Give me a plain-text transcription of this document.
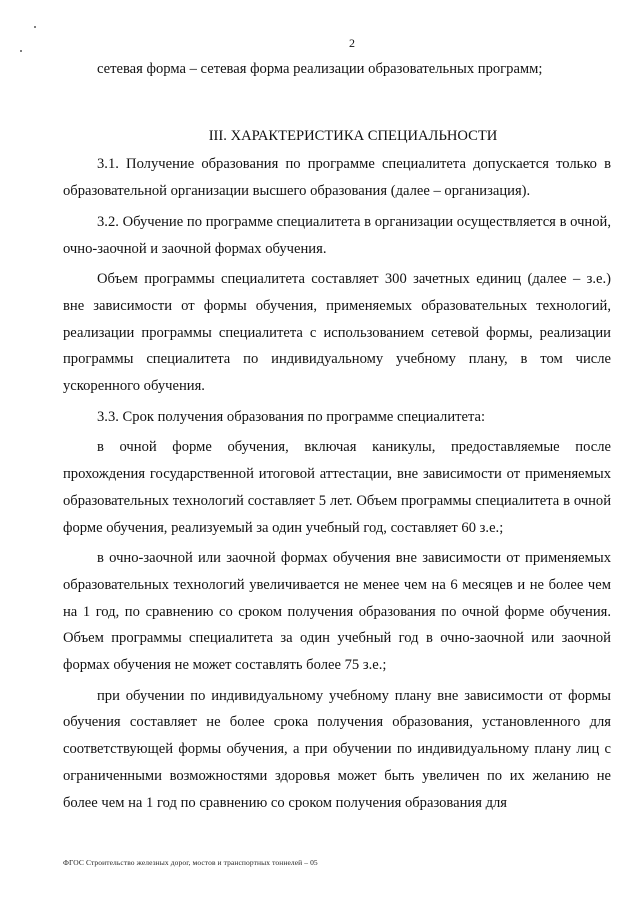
2

сетевая форма – сетевая форма реализации образовательных программ;

III. ХАРАКТЕРИСТИКА СПЕЦИАЛЬНОСТИ

3.1. Получение образования по программе специалитета допускается только в образовательной организации высшего образования (далее – организация).

3.2. Обучение по программе специалитета в организации осуществляется в очной, очно-заочной и заочной формах обучения.

Объем программы специалитета составляет 300 зачетных единиц (далее – з.е.) вне зависимости от формы обучения, применяемых образовательных технологий, реализации программы специалитета с использованием сетевой формы, реализации программы специалитета по индивидуальному учебному плану, в том числе ускоренного обучения.

3.3. Срок получения образования по программе специалитета:

в очной форме обучения, включая каникулы, предоставляемые после прохождения государственной итоговой аттестации, вне зависимости от применяемых образовательных технологий составляет 5 лет. Объем программы специалитета в очной форме обучения, реализуемый за один учебный год, составляет 60 з.е.;

в очно-заочной или заочной формах обучения вне зависимости от применяемых образовательных технологий увеличивается не менее чем на 6 месяцев и не более чем на 1 год, по сравнению со сроком получения образования по очной форме обучения. Объем программы специалитета за один учебный год в очно-заочной или заочной формах обучения не может составлять более 75 з.е.;

при обучении по индивидуальному учебному плану вне зависимости от формы обучения составляет не более срока получения образования, установленного для соответствующей формы обучения, а при обучении по индивидуальному плану лиц с ограниченными возможностями здоровья может быть увеличен по их желанию не более чем на 1 год по сравнению со сроком получения образования для

ФГОС Строительство железных дорог, мостов и транспортных тоннелей – 05
